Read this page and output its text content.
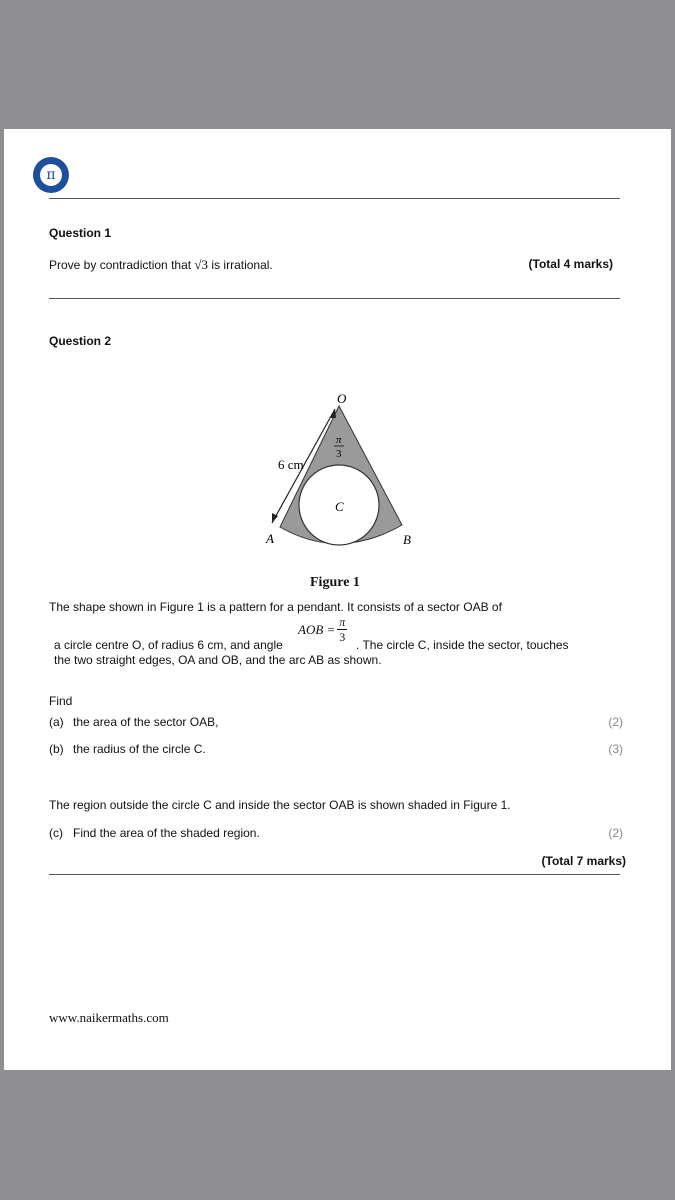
π
Question 1
Prove by contradiction that √3 is irrational.	(Total 4 marks)
Question 2
O
A	B
C
6 cm
π
3
Figure 1
The shape shown in Figure 1 is a pattern for a pendant. It consists of a sector OAB of
AOB = $\frac{\pi}{3}$
a circle centre O, of radius 6 cm, and angle	. The circle C, inside the sector, touches
the two straight edges, OA and OB, and the arc AB as shown.
Find
(a) the area of the sector OAB,	(2)
(b) the radius of the circle C.	(3)
The region outside the circle C and inside the sector OAB is shown shaded in Figure 1.
(c) Find the area of the shaded region.	(2)
(Total 7 marks)
www.naikermaths.com
